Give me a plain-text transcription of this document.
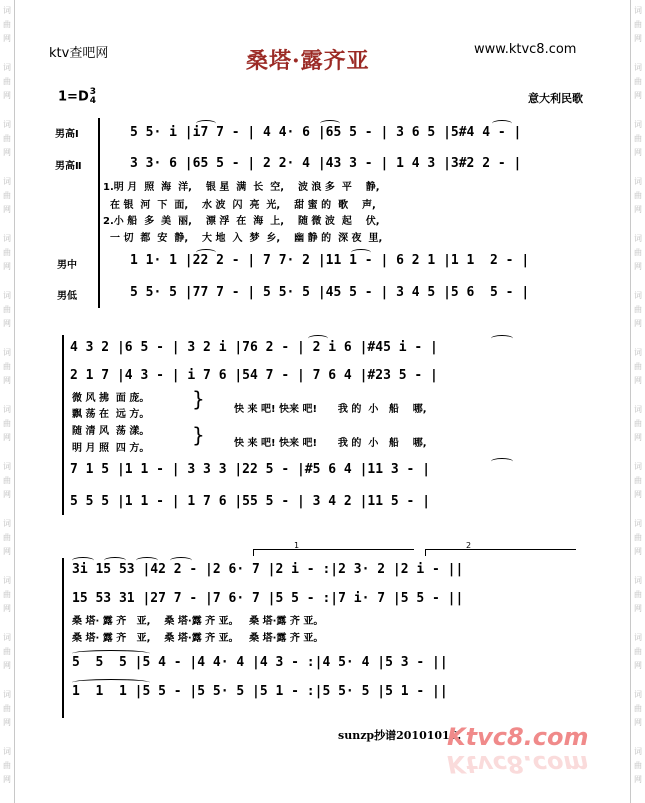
ktv查吧网	桑塔·露齐亚	www.ktvc8.com
1=D3
4	意大利民歌
男高Ⅰ
男高Ⅱ
男中
男低
5 5· i |i7 7 - | 4 4· 6 |65 5 - | 3 6 5 |5#4 4 - |
3 3· 6 |65 5 - | 2 2· 4 |43 3 - | 1 4 3 |3#2 2 - |
1.明 月  照  海  洋,    银 星  满  长  空,    波 浪 多  平    静,
在 银  河  下  面,    水 波  闪  亮  光,    甜 蜜 的  歌    声,
2.小 船  多  美  丽,    漂 浮  在  海  上,    随 微 波  起    伏,
一 切  都  安  静,    大 地  入  梦  乡,    幽 静 的  深 夜  里,
1 1· 1 |22 2 - | 7 7· 2 |11 1 - | 6 2 1 |1 1  2 - |
5 5· 5 |77 7 - | 5 5· 5 |45 5 - | 3 4 5 |5 6  5 - |
4 3 2 |6 5 - | 3 2 i |76 2 - | 2 i 6 |#45 i - |
2 1 7 |4 3 - | i 7 6 |54 7 - | 7 6 4 |#23 5 - |
微 风 拂  面 庞。
飘 荡 在  远 方。
随 清 风  荡 漾。
明 月 照  四 方。
}
}
快 来 吧! 快来 吧!      我 的  小   船    哪,
快 来 吧! 快来 吧!      我 的  小   船    哪,
7 1 5 |1 1 - | 3 3 3 |22 5 - |#5 6 4 |11 3 - |
5 5 5 |1 1 - | 1 7 6 |55 5 - | 3 4 2 |11 5 - |
1	2
3i 15 53 |42 2 - |2 6· 7 |2 i - :|2 3· 2 |2 i - ||
15 53 31 |27 7 - |7 6· 7 |5 5 - :|7 i· 7 |5 5 - ||
桑 塔· 露 齐   亚,    桑 塔·露 齐 亚。   桑 塔·露 齐 亚。
桑 塔· 露 齐   亚,    桑 塔·露 齐 亚。   桑 塔·露 齐 亚。
5  5  5 |5 4 - |4 4· 4 |4 3 - :|4 5· 4 |5 3 - ||
1  1  1 |5 5 - |5 5· 5 |5 1 - :|5 5· 5 |5 1 - ||
sunzp抄谱20101016.
Ktvc8.com
Ktvc8.com
词
曲
网
词
曲
网
词
曲
网
词
曲
网
词
曲
网
词
曲
网
词
曲
网
词
曲
网
词
曲
网
词
曲
网
词
曲
网
词
曲
网
词
曲
网
词
曲
网
词
曲
网
词
曲
网
词
曲
网
词
曲
网
词
曲
网
词
曲
网
词
曲
网
词
曲
网
词
曲
网
词
曲
网
词
曲
网
词
曲
网
词
曲
网
词
曲
网
